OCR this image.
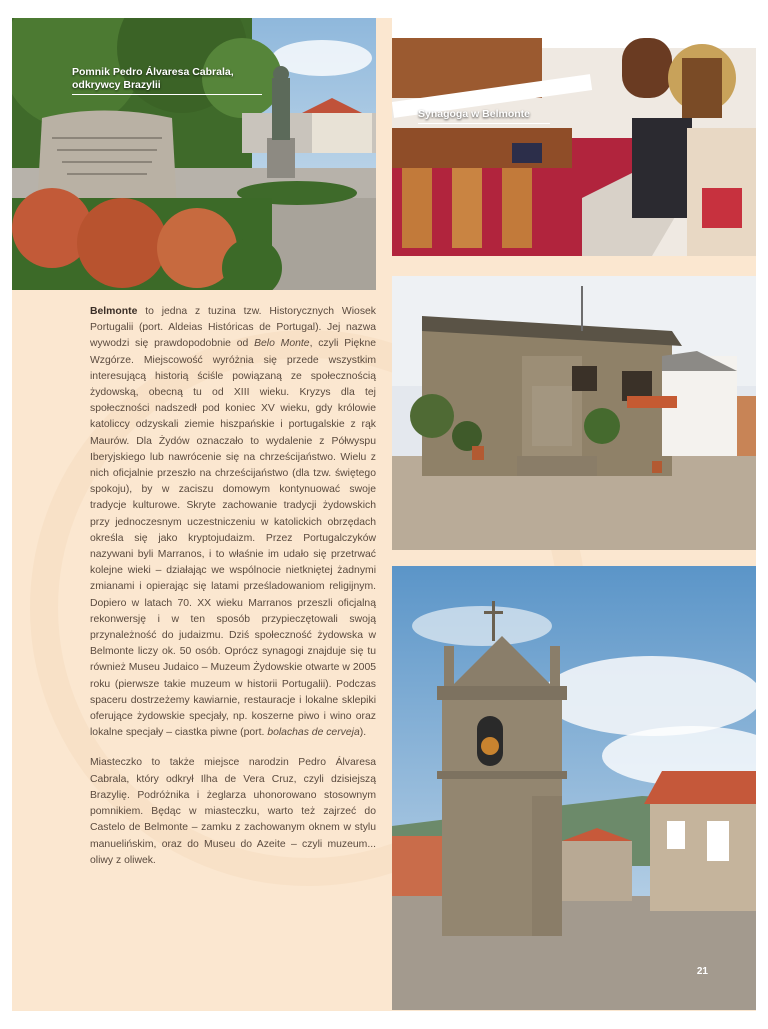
Pomnik Pedro Álvaresa Cabrala,
odkrywcy Brazylii
Synagoga w Belmonte
21

Belmonte to jedna z tuzina tzw. Historycznych Wiosek Portugalii (port. Aldeias Históricas de Portugal). Jej nazwa wywodzi się prawdopodobnie od Belo Monte, czyli Piękne Wzgórze. Miejscowość wyróżnia się przede wszystkim interesującą historią ściśle powiązaną ze społecznością żydowską, obecną tu od XIII wieku. Kryzys dla tej społeczności nadszedł pod koniec XV wieku, gdy królowie katoliccy odzyskali ziemie hiszpańskie i portugalskie z rąk Maurów. Dla Żydów oznaczało to wydalenie z Półwyspu Iberyjskiego lub nawrócenie się na chrześcijaństwo. Wielu z nich oficjalnie przeszło na chrześcijaństwo (dla tzw. świętego spokoju), by w zaciszu domowym kontynuować swoje tradycje kulturowe. Skryte zachowanie tradycji żydowskich przy jednoczesnym uczestniczeniu w katolickich obrzędach określa się jako kryptojudaizm. Przez Portugalczyków nazywani byli Marranos, i to właśnie im udało się przetrwać kolejne wieki – działając we wspólnocie nietkniętej żadnymi zmianami i opierając się latami prześladowaniom religijnym. Dopiero w latach 70. XX wieku Marranos przeszli oficjalną rekonwersję i w ten sposób przypieczętowali swoją przynależność do judaizmu. Dziś społeczność żydowska w Belmonte liczy ok. 50 osób. Oprócz synagogi znajduje się tu również Museu Judaico – Muzeum Żydowskie otwarte w 2005 roku (pierwsze takie muzeum w historii Portugalii). Podczas spaceru dostrzeżemy kawiarnie, restauracje i lokalne sklepiki oferujące żydowskie specjały, np. koszerne piwo i wino oraz lokalne specjały – ciastka piwne (port. bolachas de cerveja).

Miasteczko to także miejsce narodzin Pedro Álvaresa Cabrala, który odkrył Ilha de Vera Cruz, czyli dzisiejszą Brazylię. Podróżnika i żeglarza uhonorowano stosownym pomnikiem. Będąc w miasteczku, warto też zajrzeć do Castelo de Belmonte – zamku z zachowanym oknem w stylu manuelińskim, oraz do Museu do Azeite – czyli muzeum... oliwy z oliwek.
